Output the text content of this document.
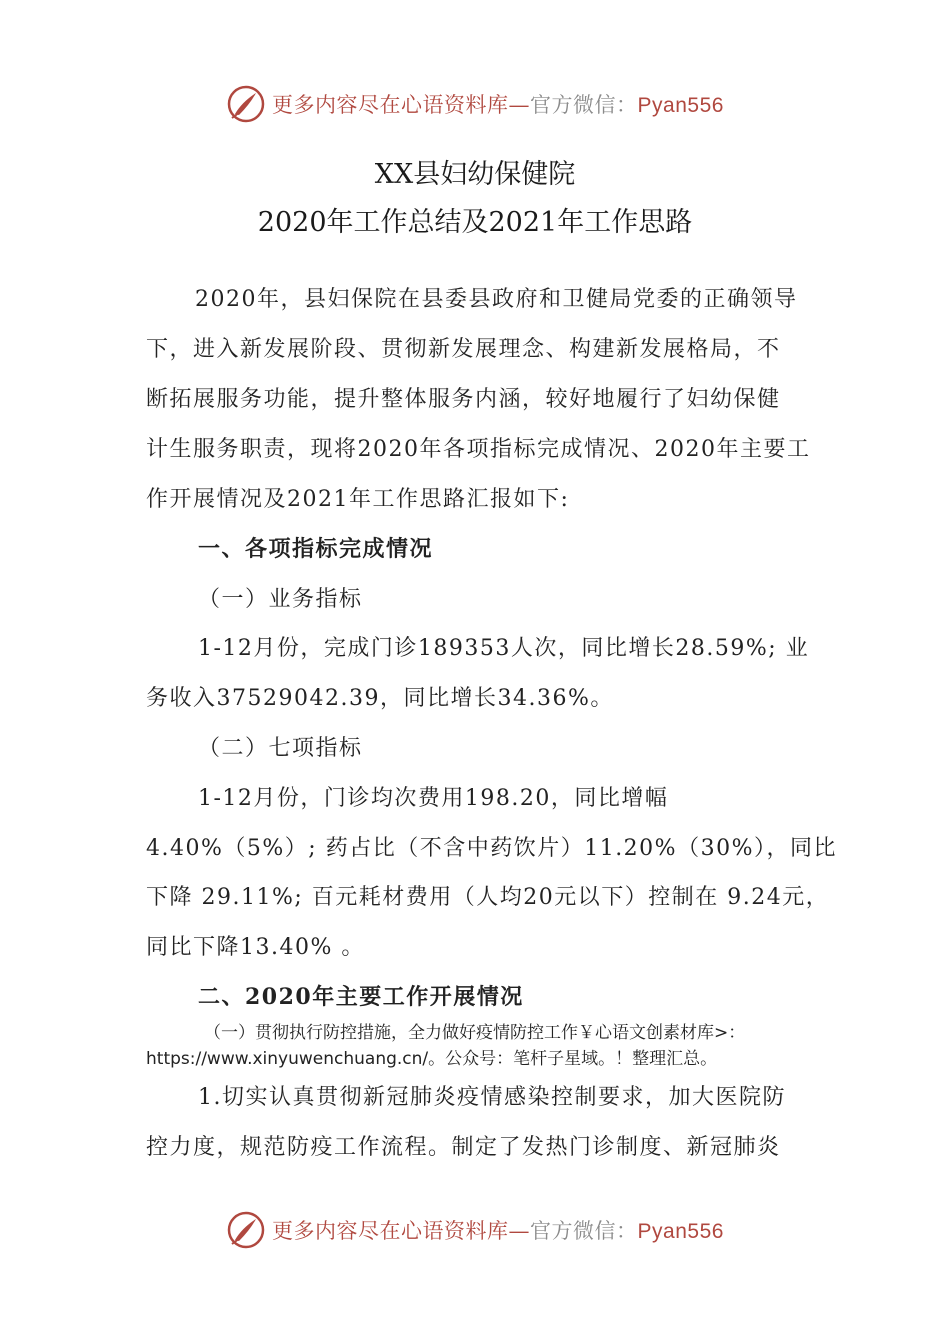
更多内容尽在心语资料库—官方微信：Pyan556
XX县妇幼保健院
2020年工作总结及2021年工作思路
2020年，县妇保院在县委县政府和卫健局党委的正确领导
下，进入新发展阶段、贯彻新发展理念、构建新发展格局，不
断拓展服务功能，提升整体服务内涵，较好地履行了妇幼保健
计生服务职责，现将2020年各项指标完成情况、2020年主要工
作开展情况及2021年工作思路汇报如下:
一、各项指标完成情况
（一）业务指标
1-12月份，完成门诊189353人次，同比增长28.59%; 业
务收入37529042.39，同比增长34.36%。
（二）七项指标
1-12月份，门诊均次费用198.20，同比增幅
4.40%（5%）; 药占比（不含中药饮片）11.20%（30%），同比
下降 29.11%; 百元耗材费用（人均20元以下）控制在 9.24元，
同比下降13.40% 。
二、2020年主要工作开展情况
（一）贯彻执行防控措施，全力做好疫情防控工作￥心语文创素材库>：
https://www.xinyuwenchuang.cn/。公众号：笔杆子星域。！整理汇总。
1.切实认真贯彻新冠肺炎疫情感染控制要求，加大医院防
控力度，规范防疫工作流程。制定了发热门诊制度、新冠肺炎
更多内容尽在心语资料库—官方微信：Pyan556
